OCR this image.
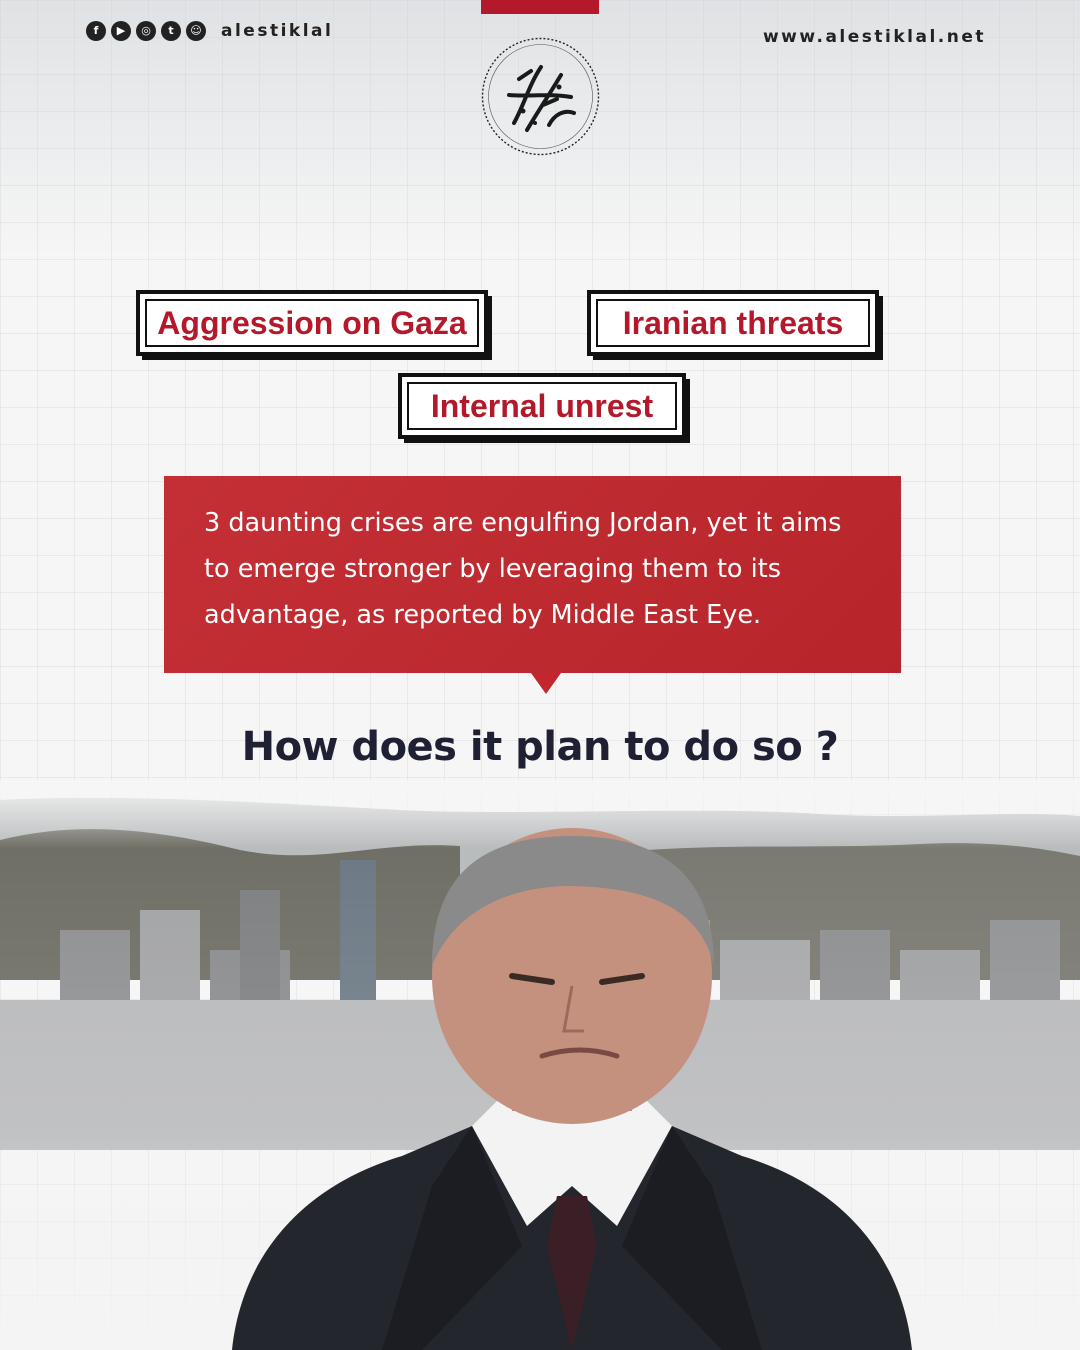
f	▶	◎	t	☺ alestiklal	www.alestiklal.net
Aggression on Gaza	Iranian threats
Internal unrest
3 daunting crises are engulfing Jordan, yet it aims to emerge stronger by leveraging them to its advantage, as reported by Middle East Eye.
How does it plan to do so ?
